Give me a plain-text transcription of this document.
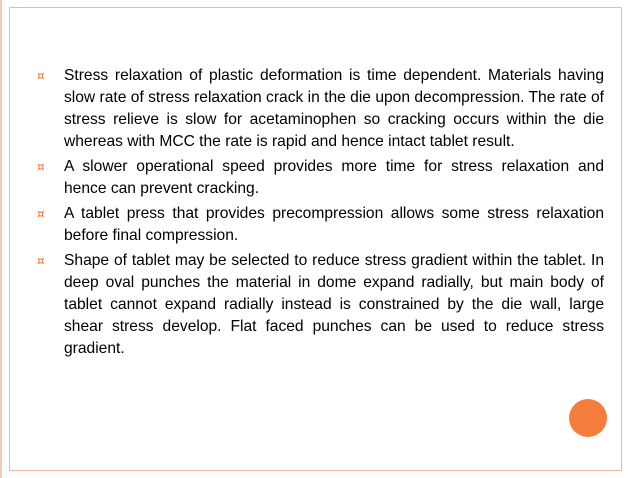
¤	Stress relaxation of plastic deformation is time dependent. Materials having slow rate of stress relaxation crack in the die upon decompression. The rate of stress relieve is slow for acetaminophen so cracking occurs within the die whereas with MCC the rate is rapid and hence intact tablet result.
¤	A slower operational speed provides more time for stress relaxation and hence can prevent cracking.
¤	A tablet press that provides precompression allows some stress relaxation before final compression.
¤	Shape of tablet may be selected to reduce stress gradient within the tablet. In deep oval punches the material in dome expand radially, but main body of tablet cannot expand radially instead is constrained by the die wall, large shear stress develop. Flat faced punches can be used to reduce stress gradient.
